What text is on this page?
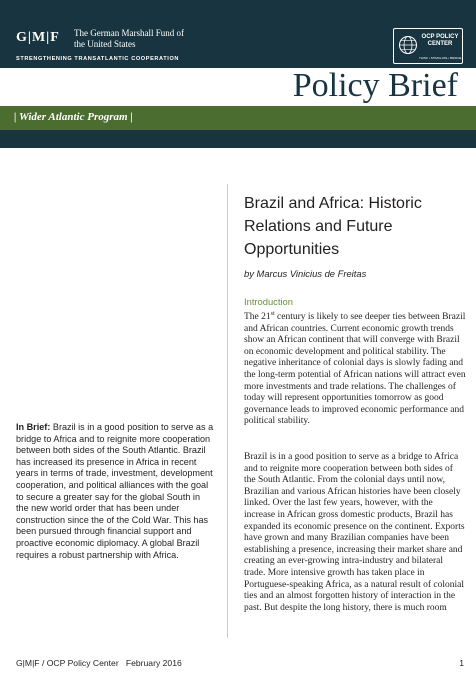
G|M|F The German Marshall Fund of the United States
STRENGTHENING TRANSATLANTIC COOPERATION
OCP POLICY CENTER
THINK • STIMULATE • BRIDGE
Policy Brief
| Wider Atlantic Program |
Brazil and Africa: Historic Relations and Future Opportunities
by Marcus Vinicius de Freitas
Introduction

The 21st century is likely to see deeper ties between Brazil and African countries. Current economic growth trends show an African continent that will converge with Brazil on economic development and political stability. The negative inheritance of colonial days is slowly fading and the long-term potential of African nations will attract even more investments and trade relations. The challenges of today will represent opportunities tomorrow as good governance leads to improved economic performance and political stability.

Brazil is in a good position to serve as a bridge to Africa and to reignite more cooperation between both sides of the South Atlantic. From the colonial days until now, Brazilian and various African histories have been closely linked. Over the last few years, however, with the increase in African gross domestic products, Brazil has expanded its economic presence on the continent. Exports have grown and many Brazilian companies have been establishing a presence, increasing their market share and creating an ever-growing intra-industry and bilateral trade. More intensive growth has taken place in Portuguese-speaking Africa, as a natural result of colonial ties and an almost forgotten history of interaction in the past. But despite the long history, there is much room

In Brief: Brazil is in a good position to serve as a bridge to Africa and to reignite more cooperation between both sides of the South Atlantic. Brazil has increased its presence in Africa in recent years in terms of trade, investment, development cooperation, and political alliances with the goal to secure a greater say for the global South in the new world order that has been under construction since the of the Cold War. This has been pursued through financial support and proactive economic diplomacy. A global Brazil requires a robust partnership with Africa.

G|M|F / OCP Policy Center February 2016	1
